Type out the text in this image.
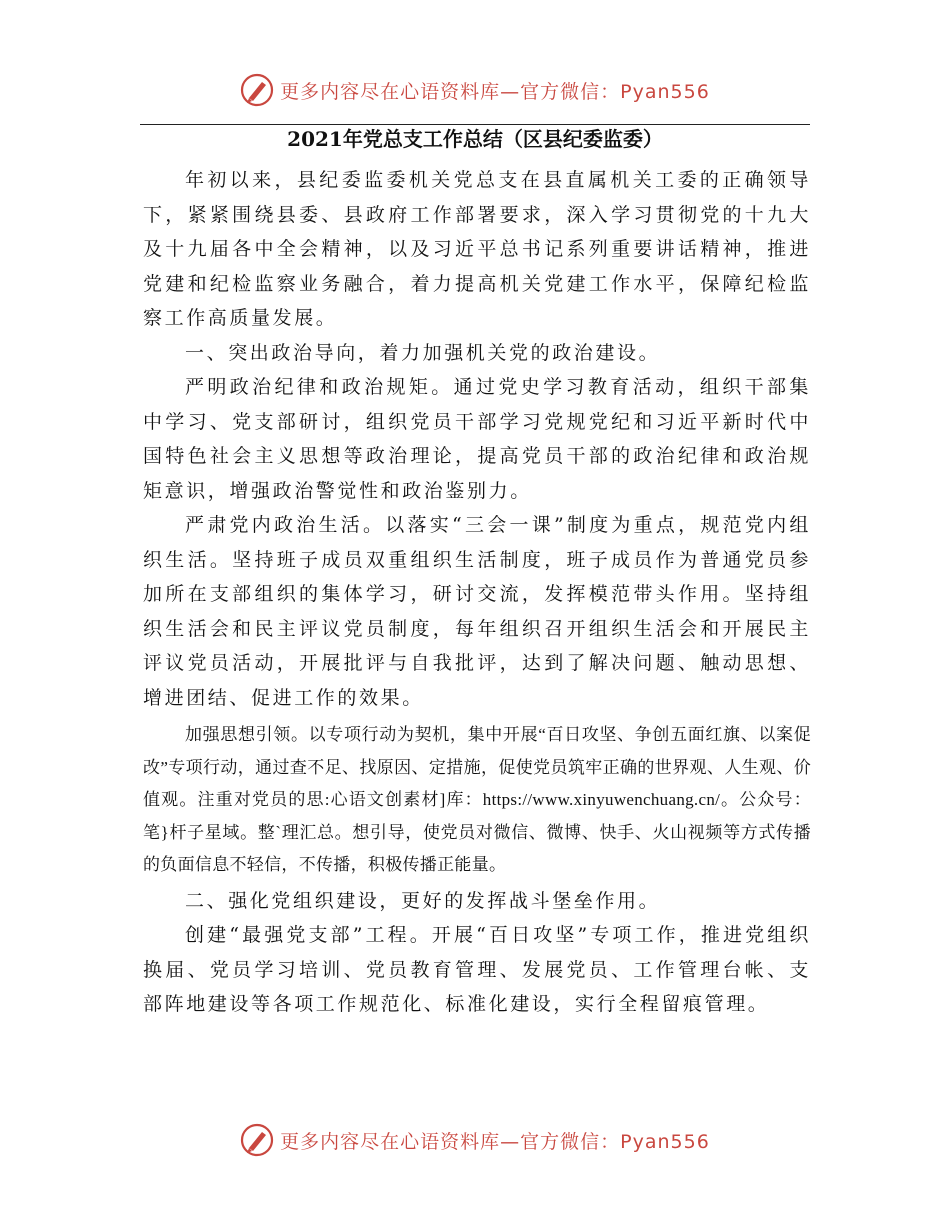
更多内容尽在心语资料库—官方微信：Pyan556
2021年党总支工作总结（区县纪委监委）

年初以来，县纪委监委机关党总支在县直属机关工委的正确领导下，紧紧围绕县委、县政府工作部署要求，深入学习贯彻党的十九大及十九届各中全会精神，以及习近平总书记系列重要讲话精神，推进党建和纪检监察业务融合，着力提高机关党建工作水平，保障纪检监察工作高质量发展。

一、突出政治导向，着力加强机关党的政治建设。

严明政治纪律和政治规矩。通过党史学习教育活动，组织干部集中学习、党支部研讨，组织党员干部学习党规党纪和习近平新时代中国特色社会主义思想等政治理论，提高党员干部的政治纪律和政治规矩意识，增强政治警觉性和政治鉴别力。

严肃党内政治生活。以落实“三会一课”制度为重点，规范党内组织生活。坚持班子成员双重组织生活制度，班子成员作为普通党员参加所在支部组织的集体学习，研讨交流，发挥模范带头作用。坚持组织生活会和民主评议党员制度，每年组织召开组织生活会和开展民主评议党员活动，开展批评与自我批评，达到了解决问题、触动思想、增进团结、促进工作的效果。

加强思想引领。以专项行动为契机，集中开展“百日攻坚、争创五面红旗、以案促改”专项行动，通过查不足、找原因、定措施，促使党员筑牢正确的世界观、人生观、价值观。注重对党员的思:心语文创素材]库：https://www.xinyuwenchuang.cn/。公众号：笔}杆子星域。整`理汇总。想引导，使党员对微信、微博、快手、火山视频等方式传播的负面信息不轻信，不传播，积极传播正能量。

二、强化党组织建设，更好的发挥战斗堡垒作用。

创建“最强党支部”工程。开展“百日攻坚”专项工作，推进党组织换届、党员学习培训、党员教育管理、发展党员、工作管理台帐、支部阵地建设等各项工作规范化、标准化建设，实行全程留痕管理。

更多内容尽在心语资料库—官方微信：Pyan556
